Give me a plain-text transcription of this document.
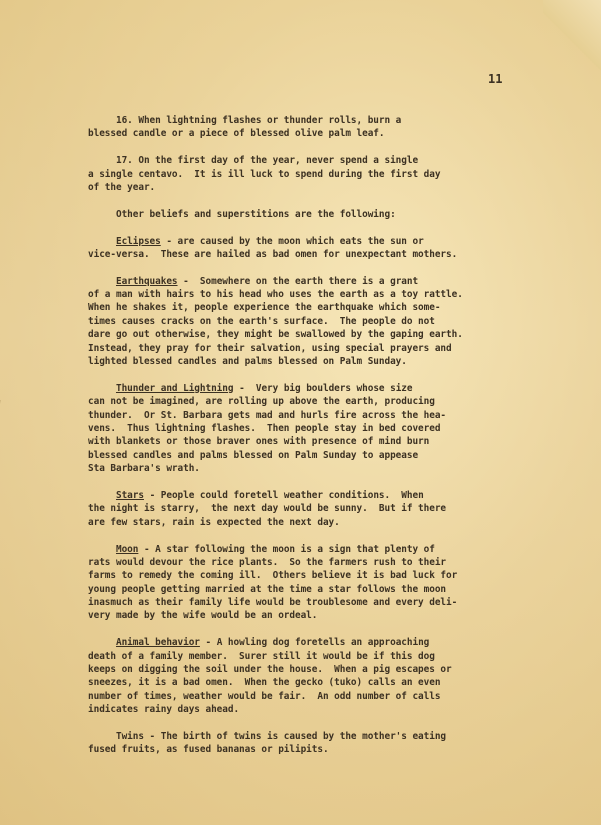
11
16. When lightning flashes or thunder rolls, burn a
blessed candle or a piece of blessed olive palm leaf.
17. On the first day of the year, never spend a single
a single centavo.  It is ill luck to spend during the first day
of the year.
Other beliefs and superstitions are the following:
Eclipses - are caused by the moon which eats the sun or
vice-versa.  These are hailed as bad omen for unexpectant mothers.
Earthquakes -  Somewhere on the earth there is a grant
of a man with hairs to his head who uses the earth as a toy rattle.
When he shakes it, people experience the earthquake which some-
times causes cracks on the earth's surface.  The people do not
dare go out otherwise, they might be swallowed by the gaping earth.
Instead, they pray for their salvation, using special prayers and
lighted blessed candles and palms blessed on Palm Sunday.
Thunder and Lightning -  Very big boulders whose size
can not be imagined, are rolling up above the earth, producing
thunder.  Or St. Barbara gets mad and hurls fire across the hea-
vens.  Thus lightning flashes.  Then people stay in bed covered
with blankets or those braver ones with presence of mind burn
blessed candles and palms blessed on Palm Sunday to appease
Sta Barbara's wrath.
Stars - People could foretell weather conditions.  When
the night is starry,  the next day would be sunny.  But if there
are few stars, rain is expected the next day.
Moon - A star following the moon is a sign that plenty of
rats would devour the rice plants.  So the farmers rush to their
farms to remedy the coming ill.  Others believe it is bad luck for
young people getting married at the time a star follows the moon
inasmuch as their family life would be troublesome and every deli-
very made by the wife would be an ordeal.
Animal behavior - A howling dog foretells an approaching
death of a family member.  Surer still it would be if this dog
keeps on digging the soil under the house.  When a pig escapes or
sneezes, it is a bad omen.  When the gecko (tuko) calls an even
number of times, weather would be fair.  An odd number of calls
indicates rainy days ahead.
Twins - The birth of twins is caused by the mother's eating
fused fruits, as fused bananas or pilipits.
